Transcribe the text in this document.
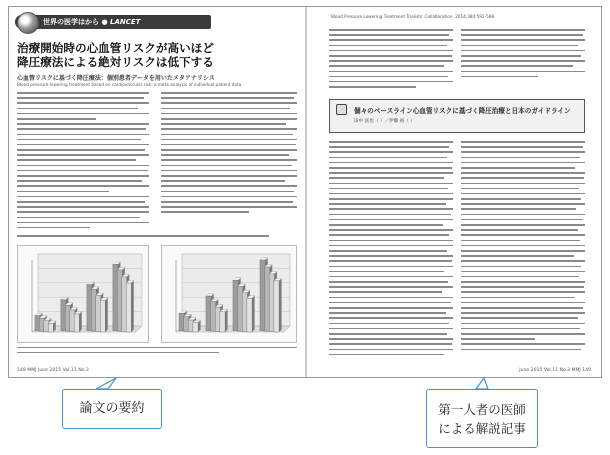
世界の医学はから ● LANCET
治療開始時の心血管リスクが高いほど
降圧療法による絶対リスクは低下する
心血管リスクに基づく降圧療法：個別患者データを用いたメタアナリシス
Blood pressure-lowering treatment based on cardiovascular risk: a meta-analysis of individual patient data
148 MMJ June 2015 Vol.11 No.3
Blood Pressure Lowering Treatment Trialists' Collaboration. 2014;384:591-598.
個々のベースライン心血管リスクに基づく降圧治療と日本のガイドライン
田中 富也（ ）／伊藤 裕（ ）
June 2015 Vol.11 No.3 MMJ 149
論文の要約	第一人者の医師
による解説記事
